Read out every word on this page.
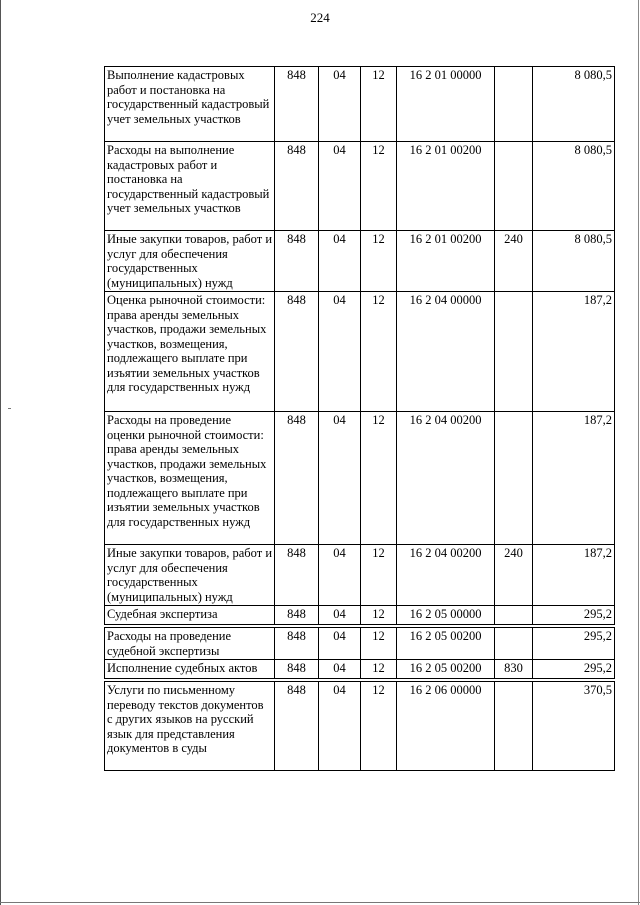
224
Выполнение кадастровых работ и постановка на государственный кадастровый учет земельных участков	848	04	12	16 2 01 00000		8 080,5
Расходы на выполнение кадастровых работ и постановка на государственный кадастровый учет земельных участков	848	04	12	16 2 01 00200		8 080,5
Иные закупки товаров, работ и услуг для обеспечения государственных (муниципальных) нужд	848	04	12	16 2 01 00200	240	8 080,5
Оценка рыночной стоимости: права аренды земельных участков, продажи земельных участков, возмещения, подлежащего выплате при изъятии земельных участков для государственных нужд	848	04	12	16 2 04 00000		187,2
Расходы на проведение оценки рыночной стоимости: права аренды земельных участков, продажи земельных участков, возмещения, подлежащего выплате при изъятии земельных участков для государственных нужд	848	04	12	16 2 04 00200		187,2
Иные закупки товаров, работ и услуг для обеспечения государственных (муниципальных) нужд	848	04	12	16 2 04 00200	240	187,2
Судебная экспертиза	848	04	12	16 2 05 00000		295,2

Расходы на проведение судебной экспертизы	848	04	12	16 2 05 00200		295,2
Исполнение судебных актов	848	04	12	16 2 05 00200	830	295,2

Услуги по письменному переводу текстов документов с других языков на русский язык для представления документов в суды	848	04	12	16 2 06 00000		370,5
